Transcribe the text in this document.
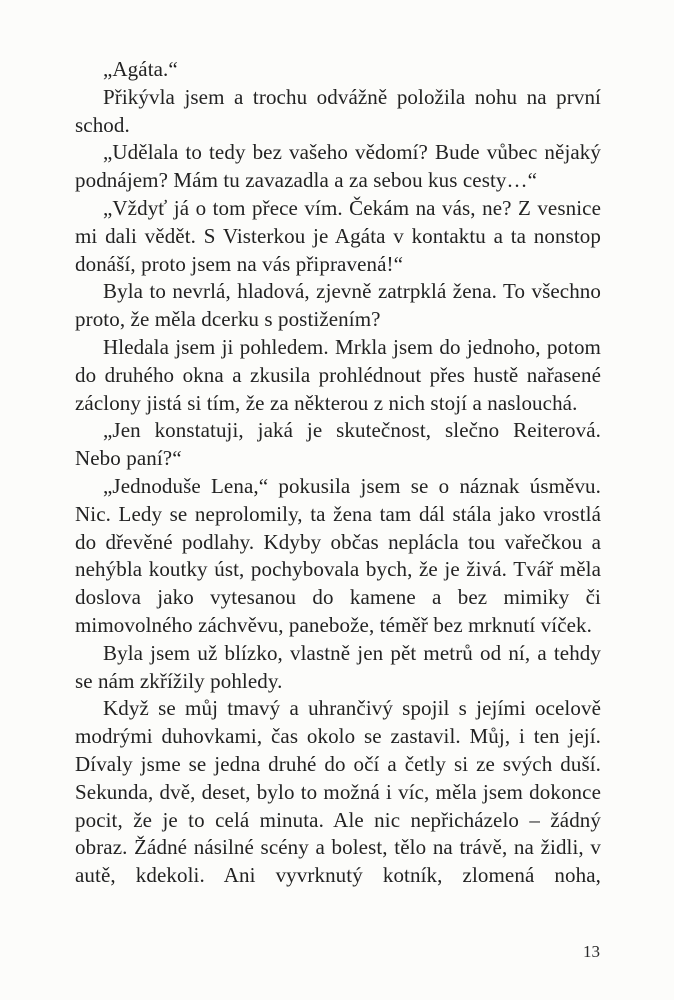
„Agáta.“

Přikývla jsem a trochu odvážně položila nohu na první schod.

„Udělala to tedy bez vašeho vědomí? Bude vůbec nějaký podnájem? Mám tu zavazadla a za sebou kus cesty…“

„Vždyť já o tom přece vím. Čekám na vás, ne? Z vesnice mi dali vědět. S Visterkou je Agáta v kontaktu a ta nonstop donáší, proto jsem na vás připravená!“

Byla to nevrlá, hladová, zjevně zatrpklá žena. To všechno proto, že měla dcerku s postižením?

Hledala jsem ji pohledem. Mrkla jsem do jednoho, potom do druhého okna a zkusila prohlédnout přes hustě nařasené záclony jistá si tím, že za některou z nich stojí a naslouchá.

„Jen konstatuji, jaká je skutečnost, slečno Reiterová. Nebo paní?“

„Jednoduše Lena,“ pokusila jsem se o náznak úsměvu. Nic. Ledy se neprolomily, ta žena tam dál stála jako vrostlá do dřevěné podlahy. Kdyby občas neplácla tou vařečkou a nehýbla koutky úst, pochybovala bych, že je živá. Tvář měla doslova jako vytesanou do kamene a bez mimiky či mimovolného záchvěvu, panebože, téměř bez mrknutí víček.

Byla jsem už blízko, vlastně jen pět metrů od ní, a tehdy se nám zkřížily pohledy.

Když se můj tmavý a uhrančivý spojil s jejími ocelově modrými duhovkami, čas okolo se zastavil. Můj, i ten její. Dívaly jsme se jedna druhé do očí a četly si ze svých duší. Sekunda, dvě, deset, bylo to možná i víc, měla jsem dokonce pocit, že je to celá minuta. Ale nic nepřicházelo – žádný obraz. Žádné násilné scény a bolest, tělo na trávě, na židli, v autě, kdekoli. Ani vyvrknutý kotník, zlomená noha,

13
